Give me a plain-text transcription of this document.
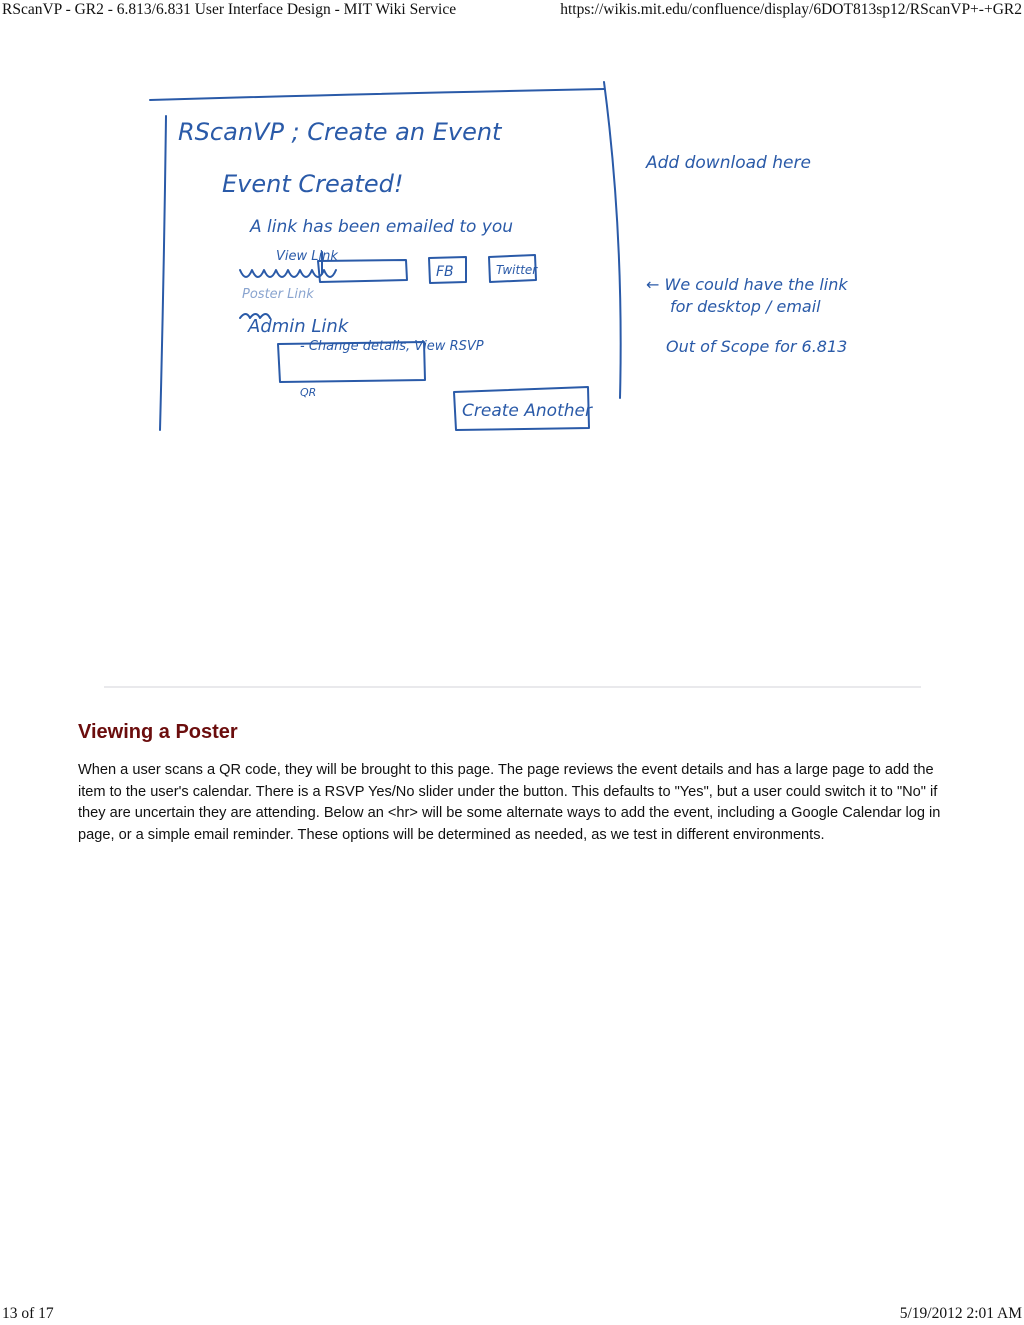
RScanVP - GR2 - 6.813/6.831 User Interface Design - MIT Wiki Service	https://wikis.mit.edu/confluence/display/6DOT813sp12/RScanVP+-+GR2
RScanVP ; Create an Event
Event Created!
A link has been emailed to you
View Link
FB	Twitter
Poster Link
Admin Link
- Change details, View RSVP
QR
Create Another
Add download here
← We could have the link
for desktop / email
Out of Scope for 6.813
Viewing a Poster
When a user scans a QR code, they will be brought to this page. The page reviews the event details and has a large page to add the item to the user's calendar. There is a RSVP Yes/No slider under the button. This defaults to "Yes", but a user could switch it to "No" if they are uncertain they are attending. Below an <hr> will be some alternate ways to add the event, including a Google Calendar log in page, or a simple email reminder. These options will be determined as needed, as we test in different environments.
13 of 17	5/19/2012 2:01 AM
